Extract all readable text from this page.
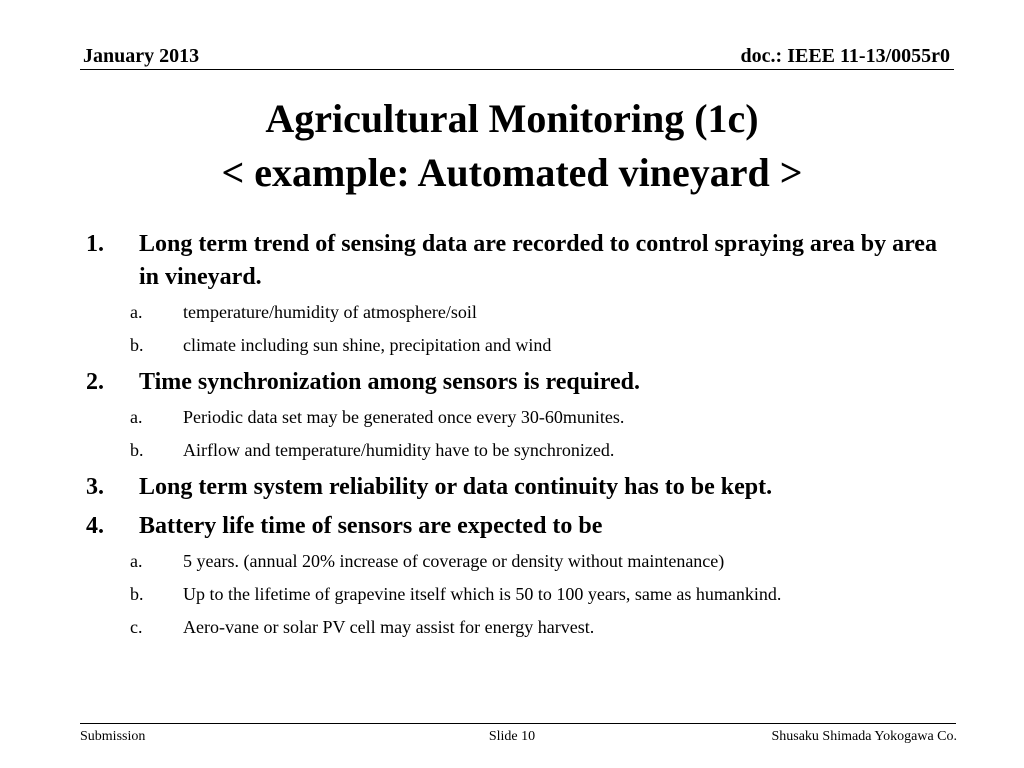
January 2013	doc.: IEEE 11-13/0055r0
Agricultural Monitoring (1c)
< example: Automated vineyard >
1.	Long term trend of sensing data are recorded to control spraying area by area in vineyard.
a.	temperature/humidity of atmosphere/soil
b.	climate including sun shine, precipitation and wind
2.	Time synchronization among sensors is required.
a.	Periodic data set may be generated once every 30-60munites.
b.	Airflow and temperature/humidity have to be synchronized.
3.	Long term system reliability or data continuity has to be kept.
4.	Battery life time of sensors are expected to be
a.	5 years. (annual 20% increase of coverage or density without maintenance)
b.	Up to the lifetime of grapevine itself which is 50 to 100 years, same as humankind.
c.	Aero-vane or solar PV cell may assist for energy harvest.
Submission	Slide 10	Shusaku Shimada Yokogawa Co.
